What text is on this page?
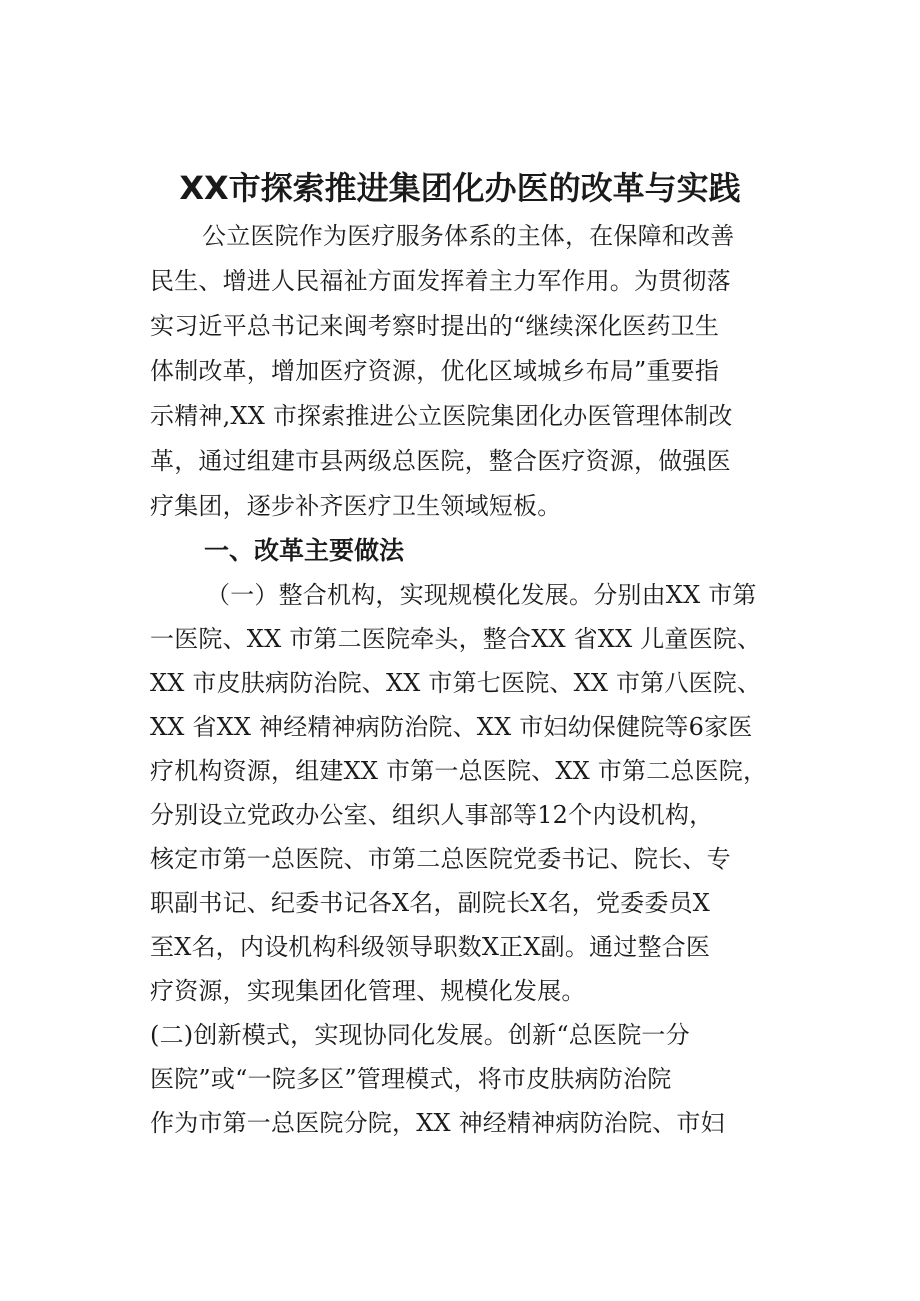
XX市探索推进集团化办医的改革与实践
公立医院作为医疗服务体系的主体，在保障和改善
民生、增进人民福祉方面发挥着主力军作用。为贯彻落
实习近平总书记来闽考察时提出的“继续深化医药卫生
体制改革，增加医疗资源，优化区域城乡布局”重要指
示精神,XX 市探索推进公立医院集团化办医管理体制改
革，通过组建市县两级总医院，整合医疗资源，做强医
疗集团，逐步补齐医疗卫生领域短板。
一、改革主要做法
（一）整合机构，实现规模化发展。分别由XX 市第
一医院、XX 市第二医院牵头，整合XX 省XX 儿童医院、
XX 市皮肤病防治院、XX 市第七医院、XX 市第八医院、
XX 省XX 神经精神病防治院、XX 市妇幼保健院等6家医
疗机构资源，组建XX 市第一总医院、XX 市第二总医院，
分别设立党政办公室、组织人事部等12个内设机构，
核定市第一总医院、市第二总医院党委书记、院长、专
职副书记、纪委书记各X名，副院长X名，党委委员X
至X名，内设机构科级领导职数X正X副。通过整合医
疗资源，实现集团化管理、规模化发展。
(二)创新模式，实现协同化发展。创新“总医院一分
医院”或“一院多区”管理模式，将市皮肤病防治院
作为市第一总医院分院，XX 神经精神病防治院、市妇
